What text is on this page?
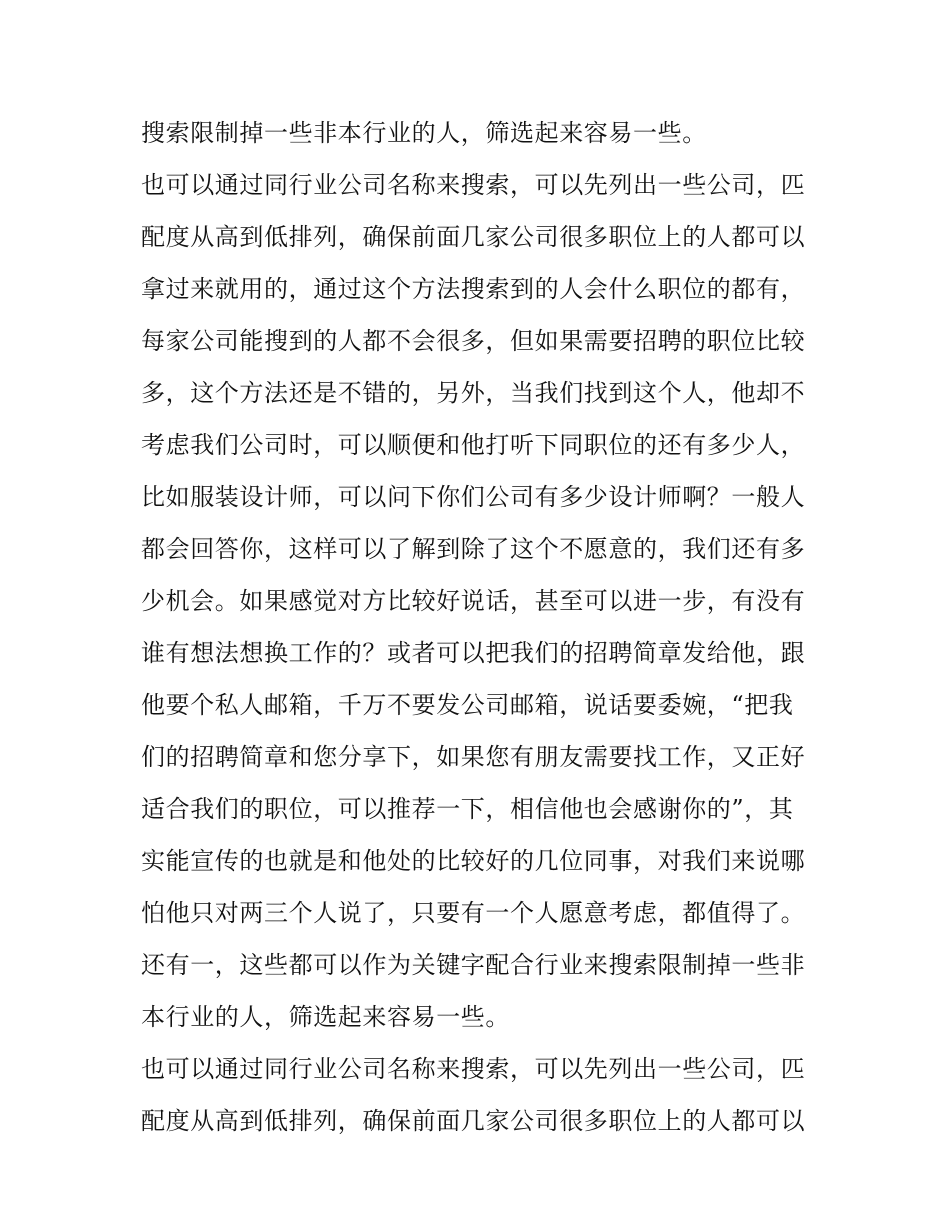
搜索限制掉一些非本行业的人，筛选起来容易一些。
也可以通过同行业公司名称来搜索，可以先列出一些公司，匹
配度从高到低排列，确保前面几家公司很多职位上的人都可以
拿过来就用的，通过这个方法搜索到的人会什么职位的都有，
每家公司能搜到的人都不会很多，但如果需要招聘的职位比较
多，这个方法还是不错的，另外，当我们找到这个人，他却不
考虑我们公司时，可以顺便和他打听下同职位的还有多少人，
比如服装设计师，可以问下你们公司有多少设计师啊？一般人
都会回答你，这样可以了解到除了这个不愿意的，我们还有多
少机会。如果感觉对方比较好说话，甚至可以进一步，有没有
谁有想法想换工作的？或者可以把我们的招聘简章发给他，跟
他要个私人邮箱，千万不要发公司邮箱，说话要委婉，“把我
们的招聘简章和您分享下，如果您有朋友需要找工作，又正好
适合我们的职位，可以推荐一下，相信他也会感谢你的”，其
实能宣传的也就是和他处的比较好的几位同事，对我们来说哪
怕他只对两三个人说了，只要有一个人愿意考虑，都值得了。
还有一，这些都可以作为关键字配合行业来搜索限制掉一些非
本行业的人，筛选起来容易一些。
也可以通过同行业公司名称来搜索，可以先列出一些公司，匹
配度从高到低排列，确保前面几家公司很多职位上的人都可以
